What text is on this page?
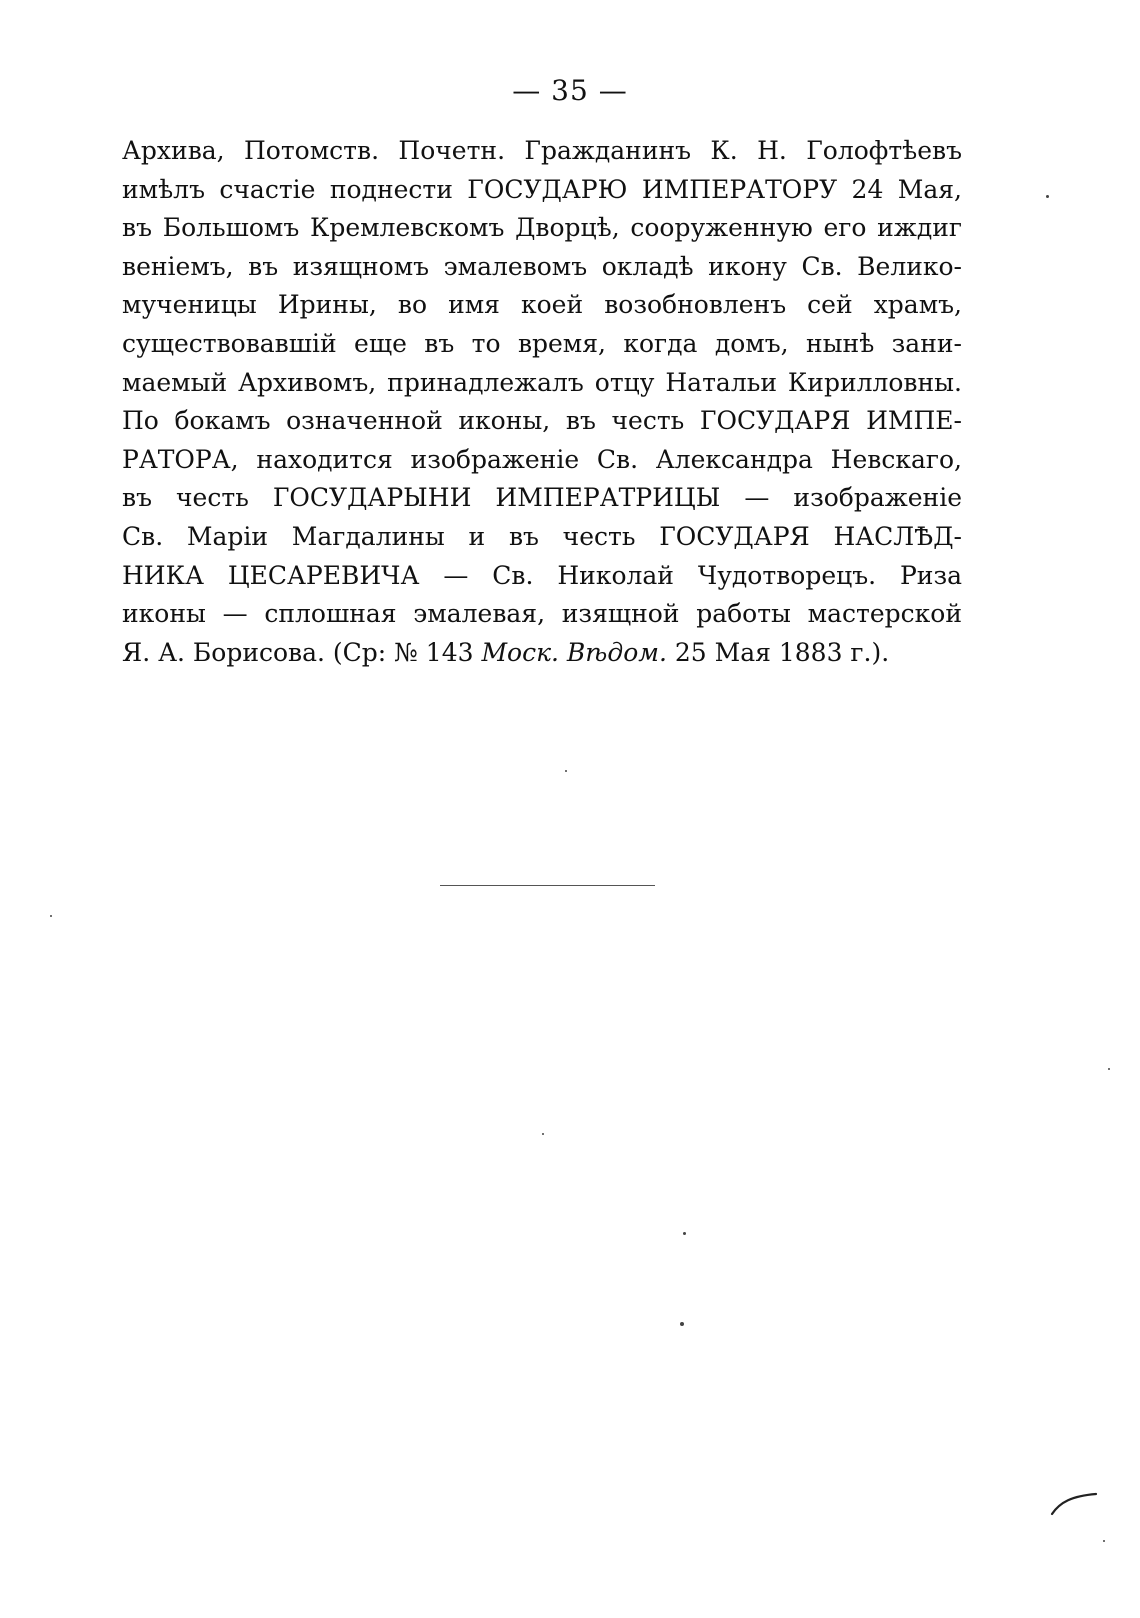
— 35 —
Архива, Потомств. Почетн. Гражданинъ К. Н. Голофтѣевъ
имѣлъ счастіе поднести ГОСУДАРЮ ИМПЕРАТОРУ 24 Мая,
въ Большомъ Кремлевскомъ Дворцѣ, сооруженную его иждиг
веніемъ, въ изящномъ эмалевомъ окладѣ икону Св. Велико-
мученицы Ирины, во имя коей возобновленъ сей храмъ,
существовавшій еще въ то время, когда домъ, нынѣ зани-
маемый Архивомъ, принадлежалъ отцу Натальи Кирилловны.
По бокамъ означенной иконы, въ честь ГОСУДАРЯ ИМПЕ-
РАТОРА, находится изображеніе Св. Александра Невскаго,
въ честь ГОСУДАРЫНИ ИМПЕРАТРИЦЫ — изображеніе
Св. Маріи Магдалины и въ честь ГОСУДАРЯ НАСЛѢД-
НИКА ЦЕСАРЕВИЧА — Св. Николай Чудотворецъ. Риза
иконы — сплошная эмалевая, изящной работы мастерской
Я. А. Борисова. (Ср: № 143 Моск. Вѣдом. 25 Мая 1883 г.).
